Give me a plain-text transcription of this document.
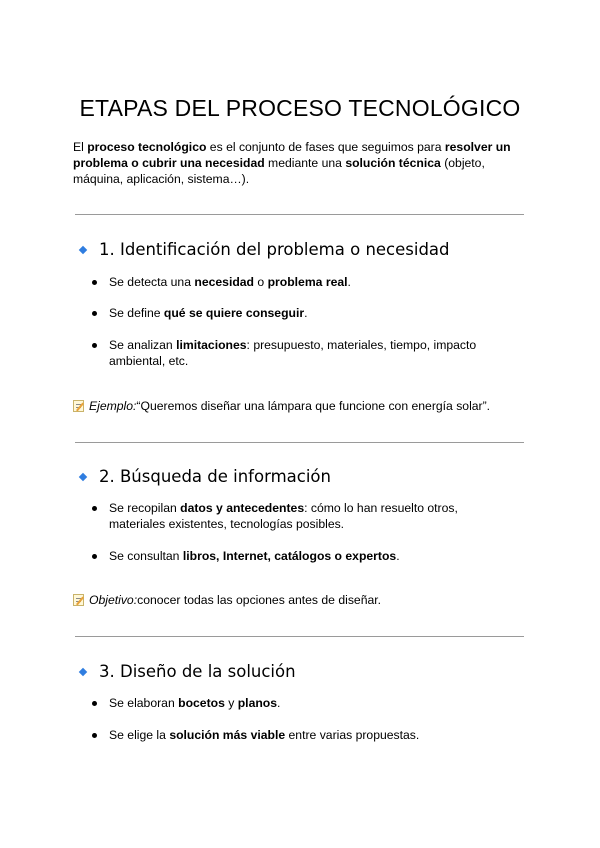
ETAPAS DEL PROCESO TECNOLÓGICO

El proceso tecnológico es el conjunto de fases que seguimos para resolver un problema o cubrir una necesidad mediante una solución técnica (objeto, máquina, aplicación, sistema…).

1. Identificación del problema o necesidad
Se detecta una necesidad o problema real.
Se define qué se quiere conseguir.
Se analizan limitaciones: presupuesto, materiales, tiempo, impacto ambiental, etc.
Ejemplo: “Queremos diseñar una lámpara que funcione con energía solar”.
2. Búsqueda de información
Se recopilan datos y antecedentes: cómo lo han resuelto otros, materiales existentes, tecnologías posibles.
Se consultan libros, Internet, catálogos o expertos.
Objetivo: conocer todas las opciones antes de diseñar.
3. Diseño de la solución
Se elaboran bocetos y planos.
Se elige la solución más viable entre varias propuestas.
